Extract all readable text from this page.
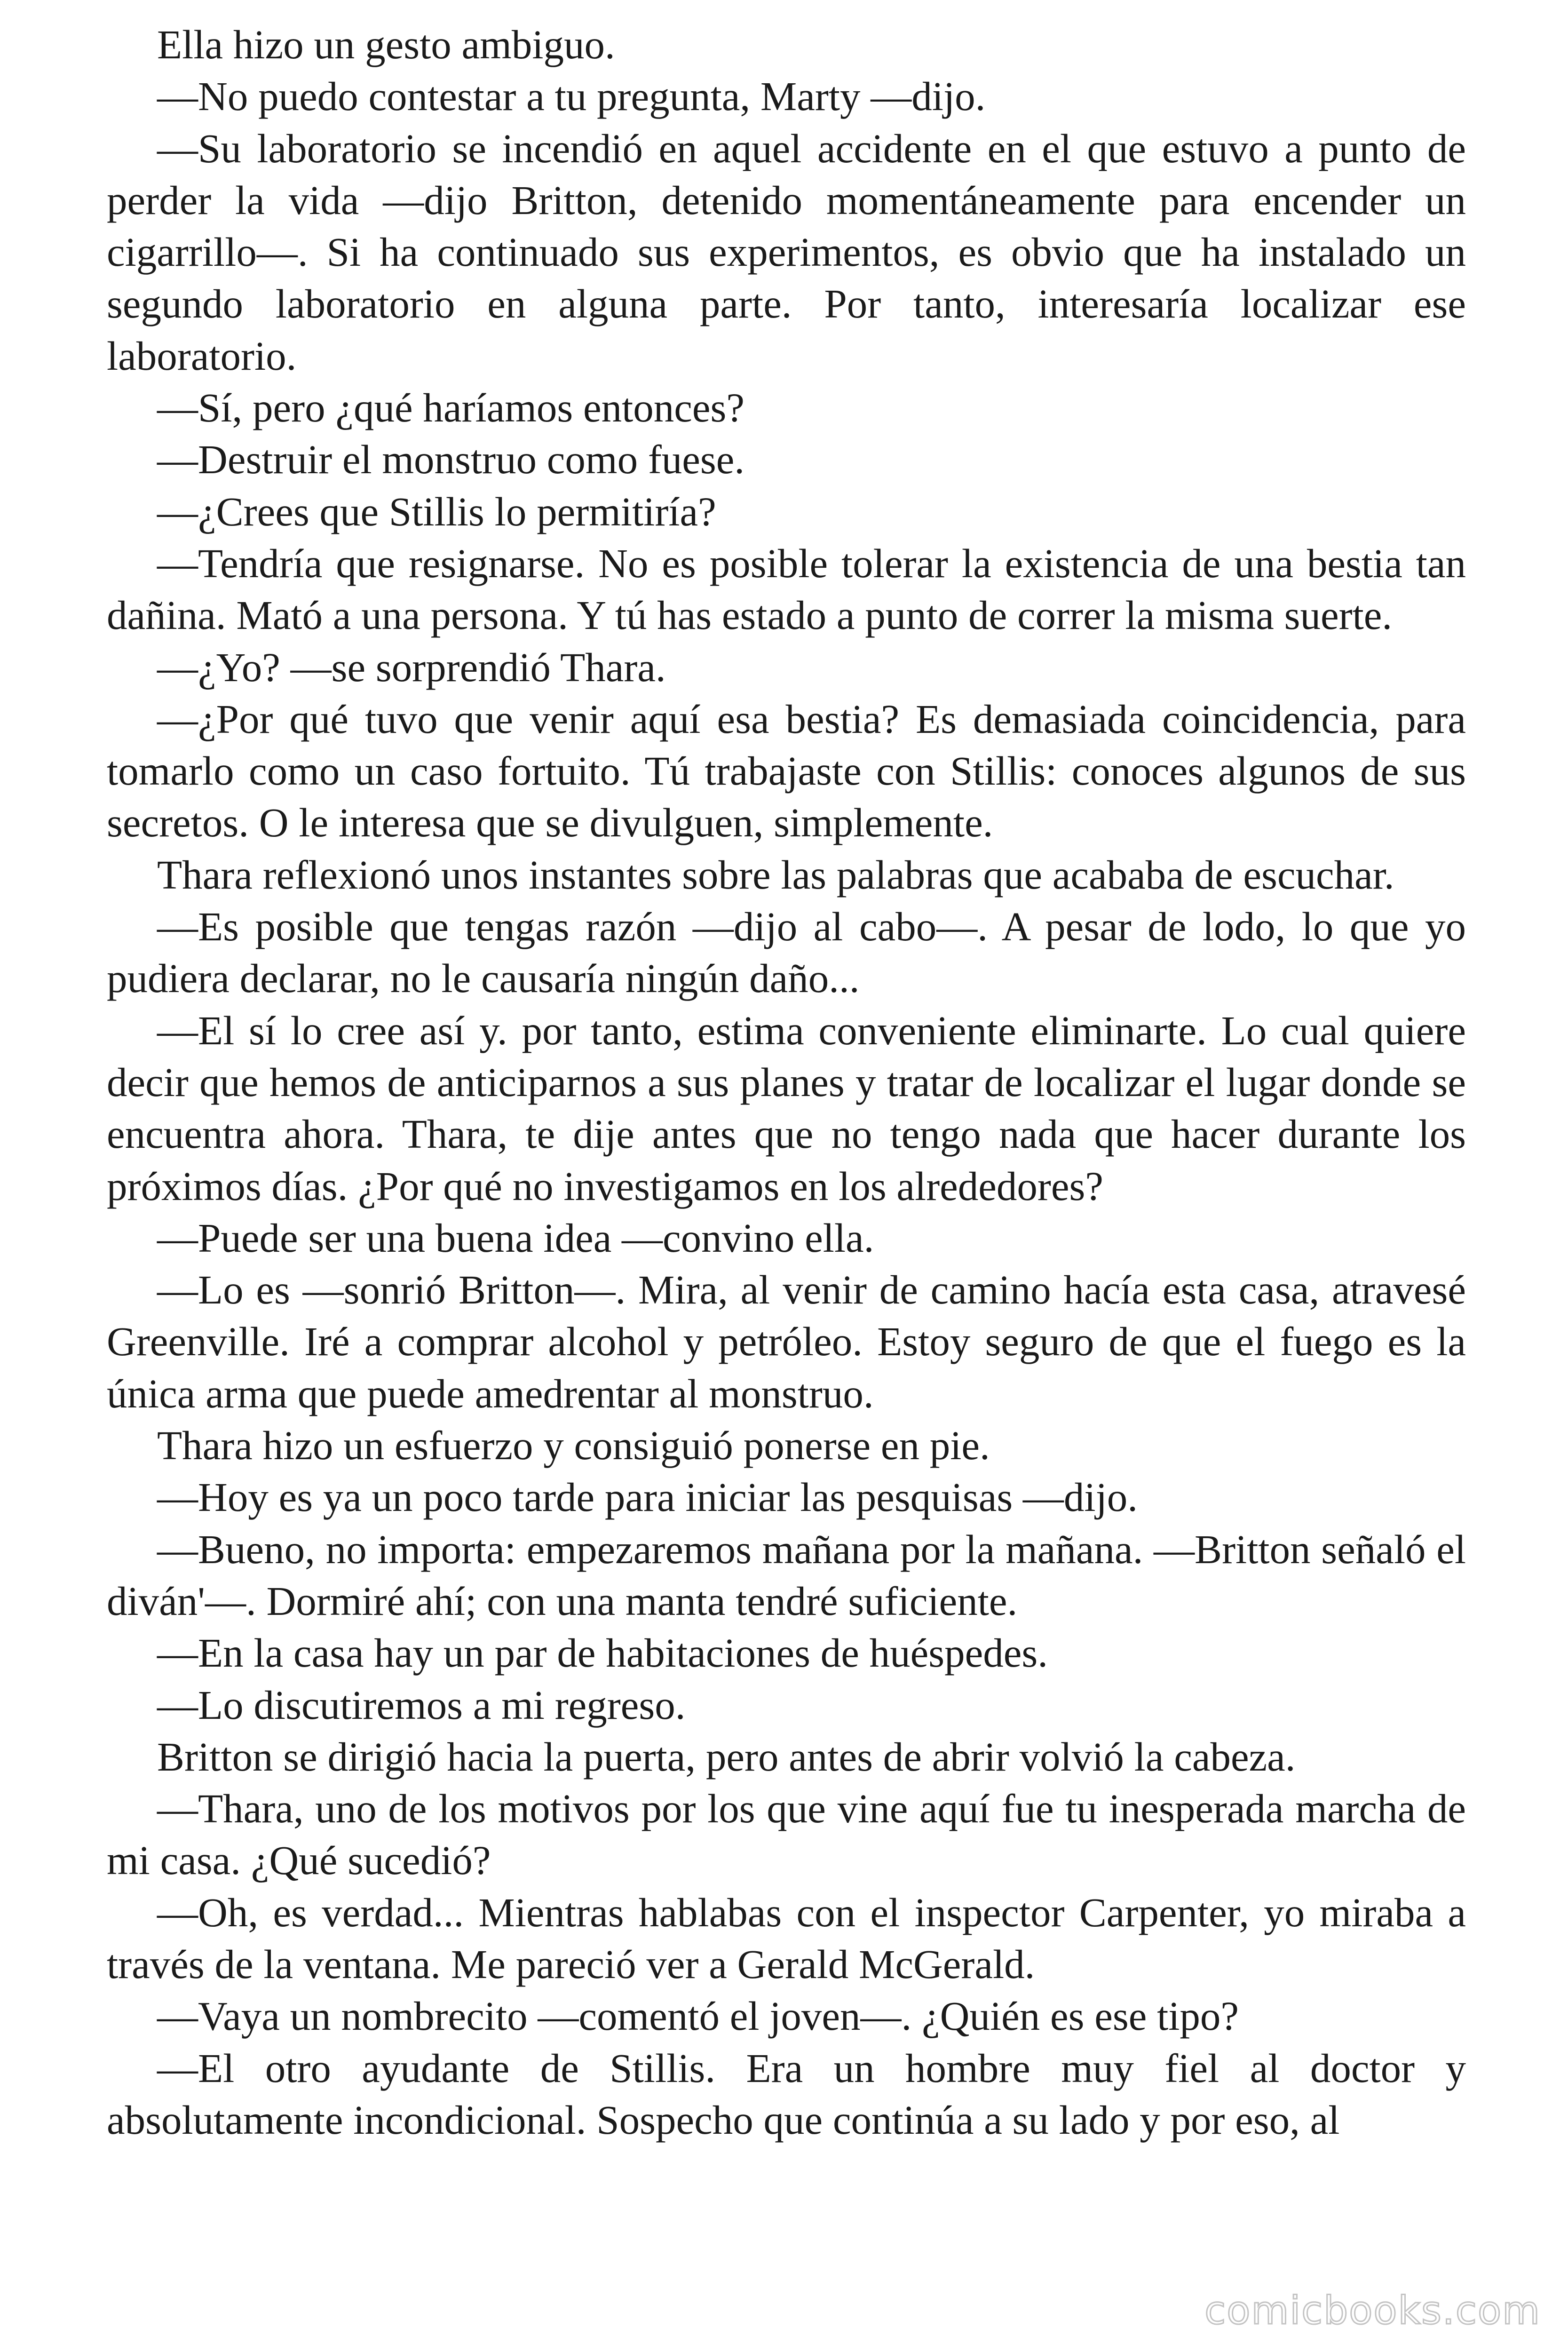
Ella hizo un gesto ambiguo.

—No puedo contestar a tu pregunta, Marty —dijo.

—Su laboratorio se incendió en aquel accidente en el que estuvo a punto de perder la vida —dijo Britton, detenido momentáneamente para encender un cigarrillo—. Si ha continuado sus experimentos, es obvio que ha instalado un segundo laboratorio en alguna parte. Por tanto, interesaría localizar ese laboratorio.

—Sí, pero ¿qué haríamos entonces?

—Destruir el monstruo como fuese.

—¿Crees que Stillis lo permitiría?

—Tendría que resignarse. No es posible tolerar la existencia de una bestia tan dañina. Mató a una persona. Y tú has estado a punto de correr la misma suerte.

—¿Yo? —se sorprendió Thara.

—¿Por qué tuvo que venir aquí esa bestia? Es demasiada coincidencia, para tomarlo como un caso fortuito. Tú trabajaste con Stillis: conoces algunos de sus secretos. O le interesa que se divulguen, simplemente.

Thara reflexionó unos instantes sobre las palabras que acababa de escuchar.

—Es posible que tengas razón —dijo al cabo—. A pesar de lodo, lo que yo pudiera declarar, no le causaría ningún daño...

—El sí lo cree así y. por tanto, estima conveniente eliminarte. Lo cual quiere decir que hemos de anticiparnos a sus planes y tratar de localizar el lugar donde se encuentra ahora. Thara, te dije antes que no tengo nada que hacer durante los próximos días. ¿Por qué no investigamos en los alrededores?

—Puede ser una buena idea —convino ella.

—Lo es —sonrió Britton—. Mira, al venir de camino hacía esta casa, atravesé Greenville. Iré a comprar alcohol y petróleo. Estoy seguro de que el fuego es la única arma que puede amedrentar al monstruo.

Thara hizo un esfuerzo y consiguió ponerse en pie.

—Hoy es ya un poco tarde para iniciar las pesquisas —dijo.

—Bueno, no importa: empezaremos mañana por la mañana. —Britton señaló el diván'—. Dormiré ahí; con una manta tendré suficiente.

—En la casa hay un par de habitaciones de huéspedes.

—Lo discutiremos a mi regreso.

Britton se dirigió hacia la puerta, pero antes de abrir volvió la cabeza.

—Thara, uno de los motivos por los que vine aquí fue tu inesperada marcha de mi casa. ¿Qué sucedió?

—Oh, es verdad... Mientras hablabas con el inspector Carpenter, yo miraba a través de la ventana. Me pareció ver a Gerald McGerald.

—Vaya un nombrecito —comentó el joven—. ¿Quién es ese tipo?

—El otro ayudante de Stillis. Era un hombre muy fiel al doctor y absolutamente incondicional. Sospecho que continúa a su lado y por eso, al

comicbooks.com
